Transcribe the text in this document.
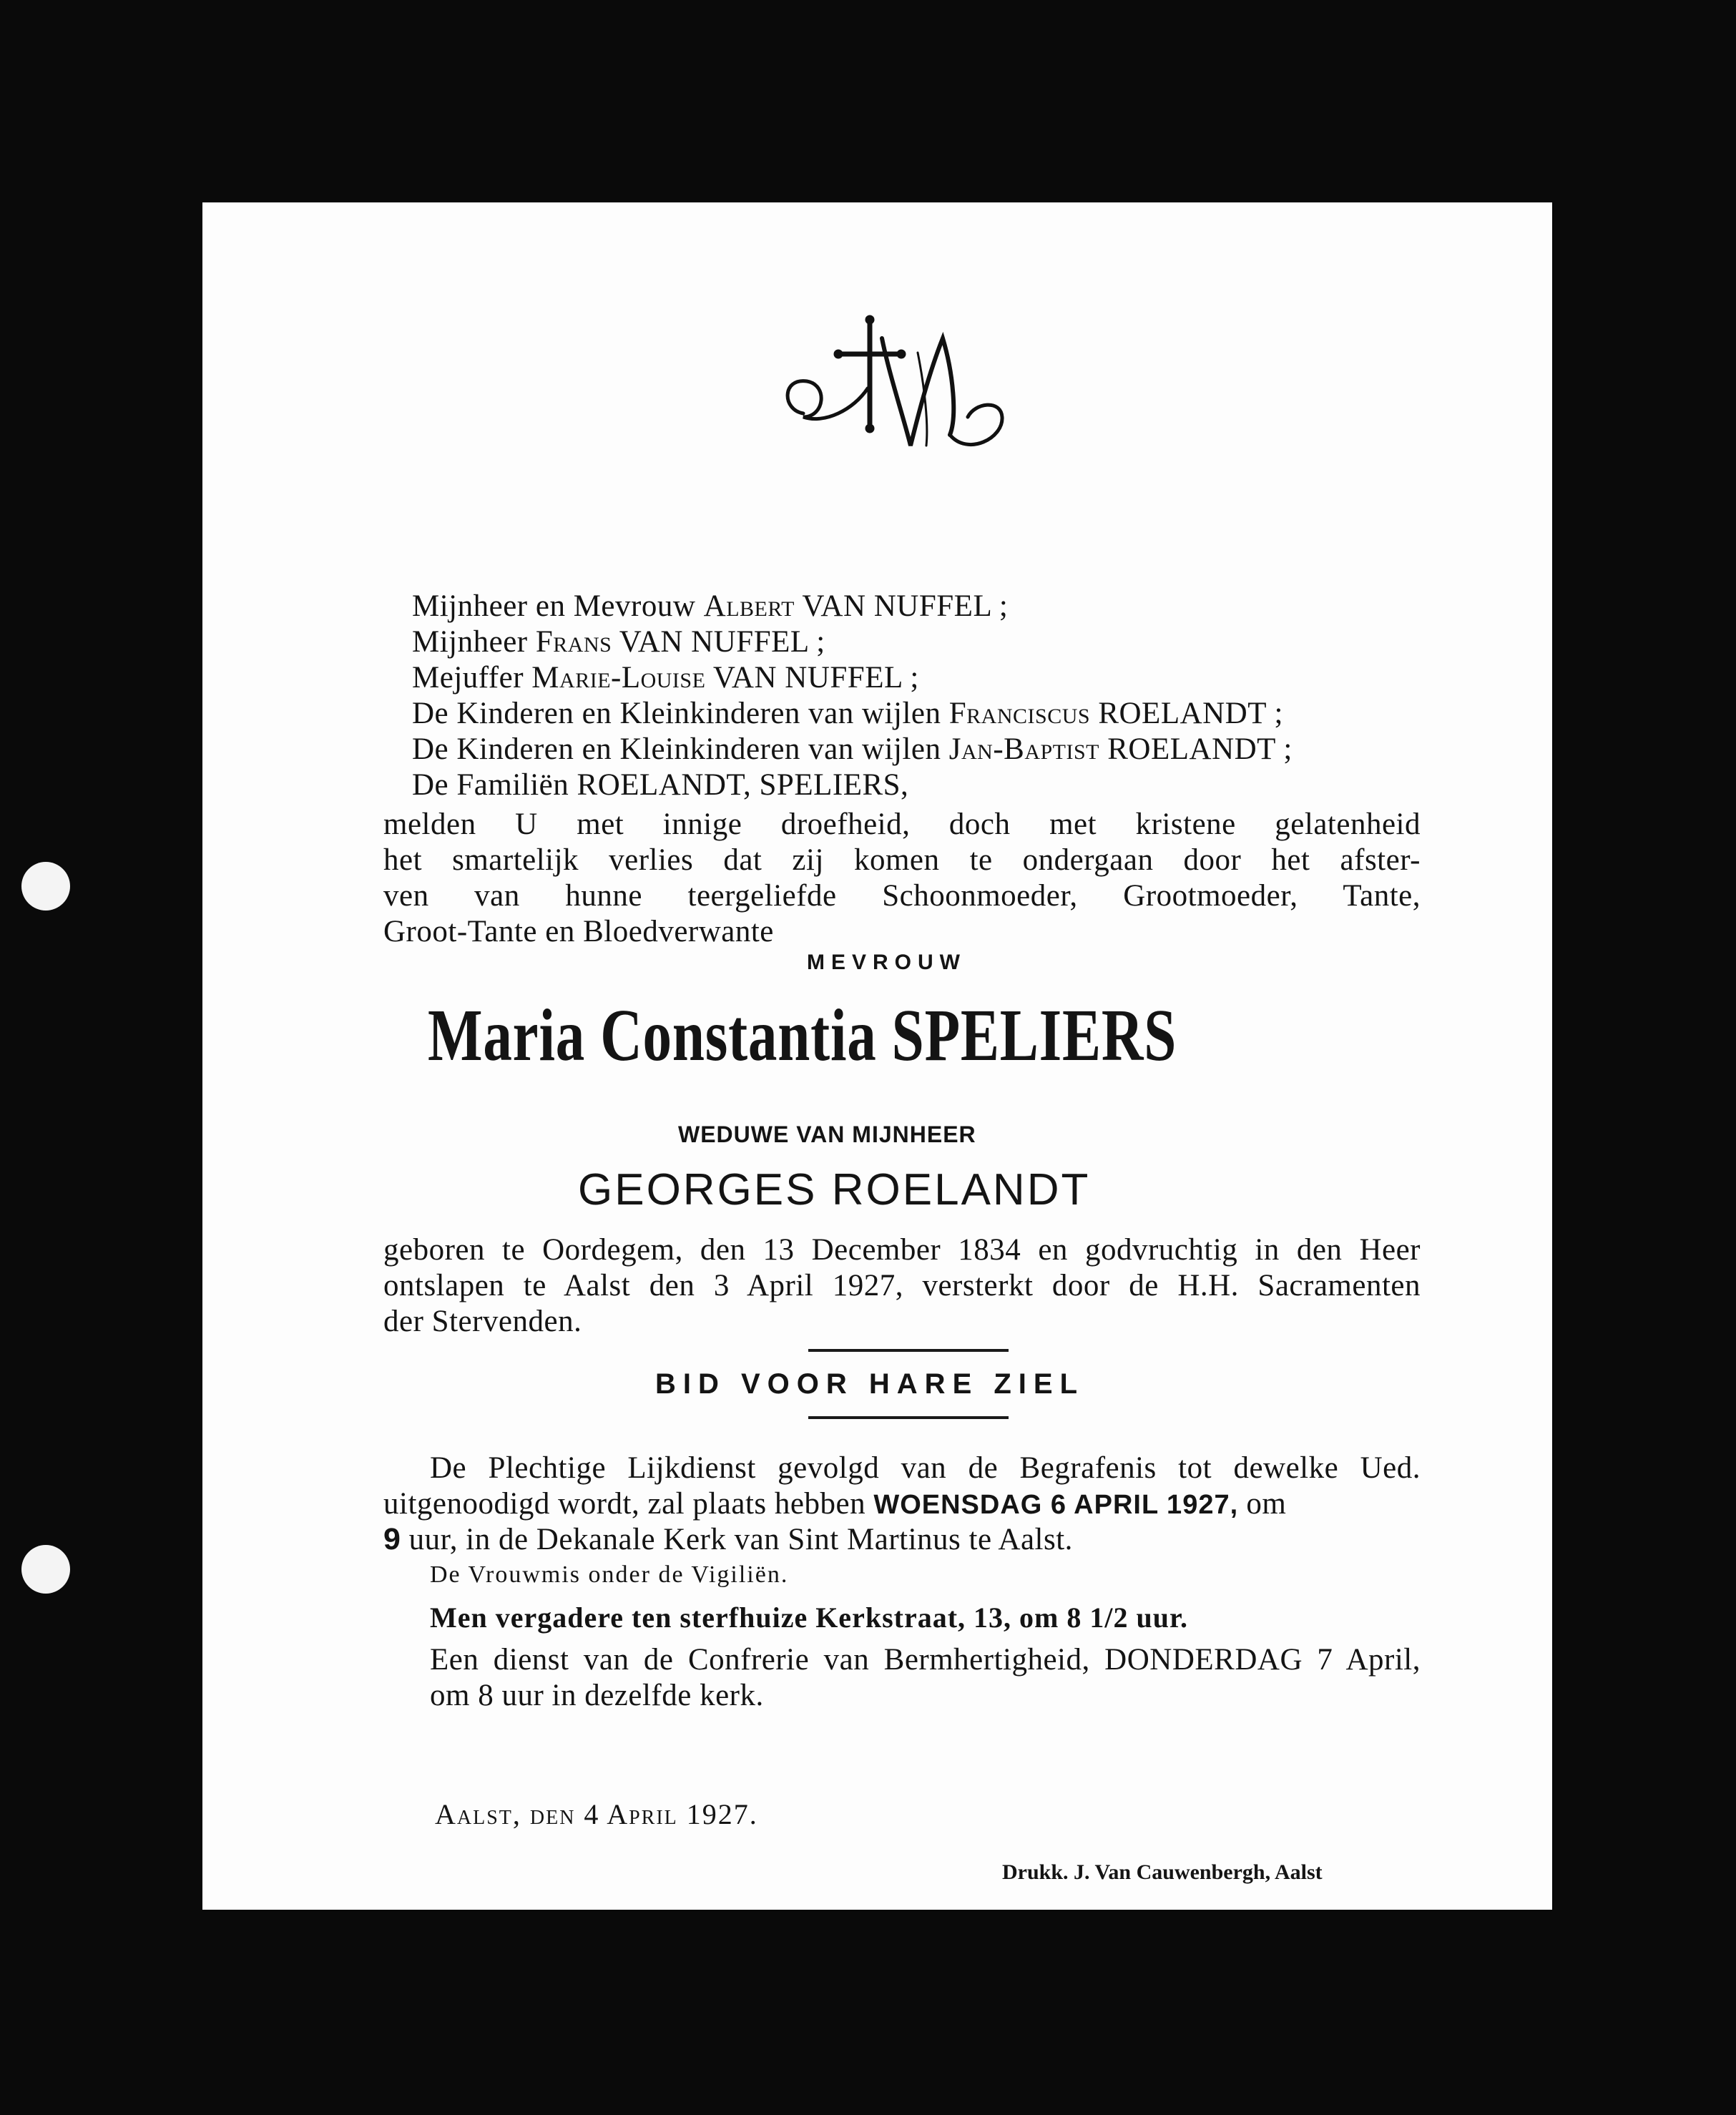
Mijnheer en Mevrouw Albert VAN NUFFEL ;
Mijnheer Frans VAN NUFFEL ;
Mejuffer Marie-Louise VAN NUFFEL ;
De Kinderen en Kleinkinderen van wijlen Franciscus ROELANDT ;
De Kinderen en Kleinkinderen van wijlen Jan-Baptist ROELANDT ;
De Familiën ROELANDT, SPELIERS,
melden U met innige droefheid, doch met kristene gelatenheid
het smartelijk verlies dat zij komen te ondergaan door het afster-
ven van hunne teergeliefde Schoonmoeder, Grootmoeder, Tante,
Groot-Tante en Bloedverwante
MEVROUW
Maria Constantia SPELIERS
WEDUWE VAN MIJNHEER
GEORGES ROELANDT
geboren te Oordegem, den 13 December 1834 en godvruchtig in den Heer
ontslapen te Aalst den 3 April 1927, versterkt door de H.H. Sacramenten
der Stervenden.
BID VOOR HARE ZIEL
De Plechtige Lijkdienst gevolgd van de Begrafenis tot dewelke Ued.
uitgenoodigd wordt, zal plaats hebben WOENSDAG 6 APRIL 1927, om
9 uur, in de Dekanale Kerk van Sint Martinus te Aalst.
De Vrouwmis onder de Vigiliën.
Men vergadere ten sterfhuize Kerkstraat, 13, om 8 1/2 uur.
Een dienst van de Confrerie van Bermhertigheid, DONDERDAG 7 April,
om 8 uur in dezelfde kerk.
Aalst, den 4 April 1927.
Drukk. J. Van Cauwenbergh, Aalst
